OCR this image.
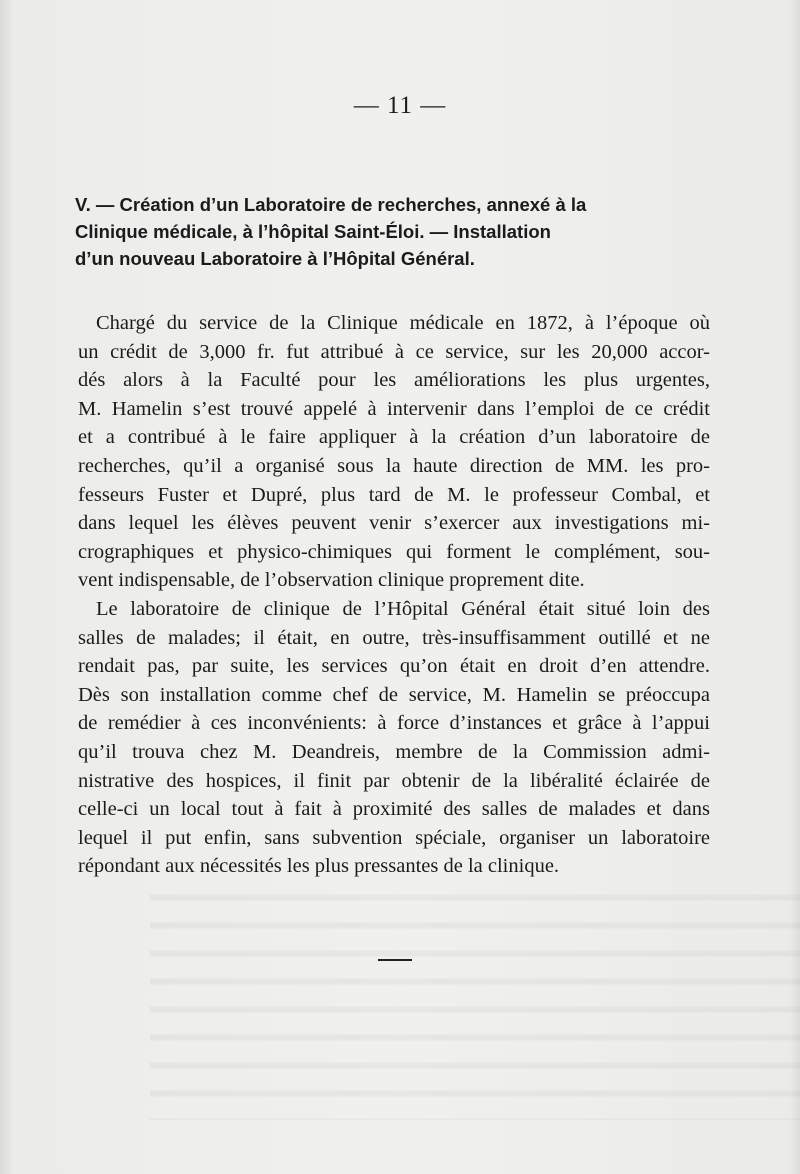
— 11 —
V. — Création d’un Laboratoire de recherches, annexé à la
Clinique médicale, à l’hôpital Saint-Éloi. — Installation
d’un nouveau Laboratoire à l’Hôpital Général.
Chargé du service de la Clinique médicale en 1872, à l’époque où
un crédit de 3,000 fr. fut attribué à ce service, sur les 20,000 accor-
dés alors à la Faculté pour les améliorations les plus urgentes,
M. Hamelin s’est trouvé appelé à intervenir dans l’emploi de ce crédit
et a contribué à le faire appliquer à la création d’un laboratoire de
recherches, qu’il a organisé sous la haute direction de MM. les pro-
fesseurs Fuster et Dupré, plus tard de M. le professeur Combal, et
dans lequel les élèves peuvent venir s’exercer aux investigations mi-
crographiques et physico-chimiques qui forment le complément, sou-
vent indispensable, de l’observation clinique proprement dite.
Le laboratoire de clinique de l’Hôpital Général était situé loin des
salles de malades; il était, en outre, très-insuffisamment outillé et ne
rendait pas, par suite, les services qu’on était en droit d’en attendre.
Dès son installation comme chef de service, M. Hamelin se préoccupa
de remédier à ces inconvénients: à force d’instances et grâce à l’appui
qu’il trouva chez M. Deandreis, membre de la Commission admi-
nistrative des hospices, il finit par obtenir de la libéralité éclairée de
celle-ci un local tout à fait à proximité des salles de malades et dans
lequel il put enfin, sans subvention spéciale, organiser un laboratoire
répondant aux nécessités les plus pressantes de la clinique.
